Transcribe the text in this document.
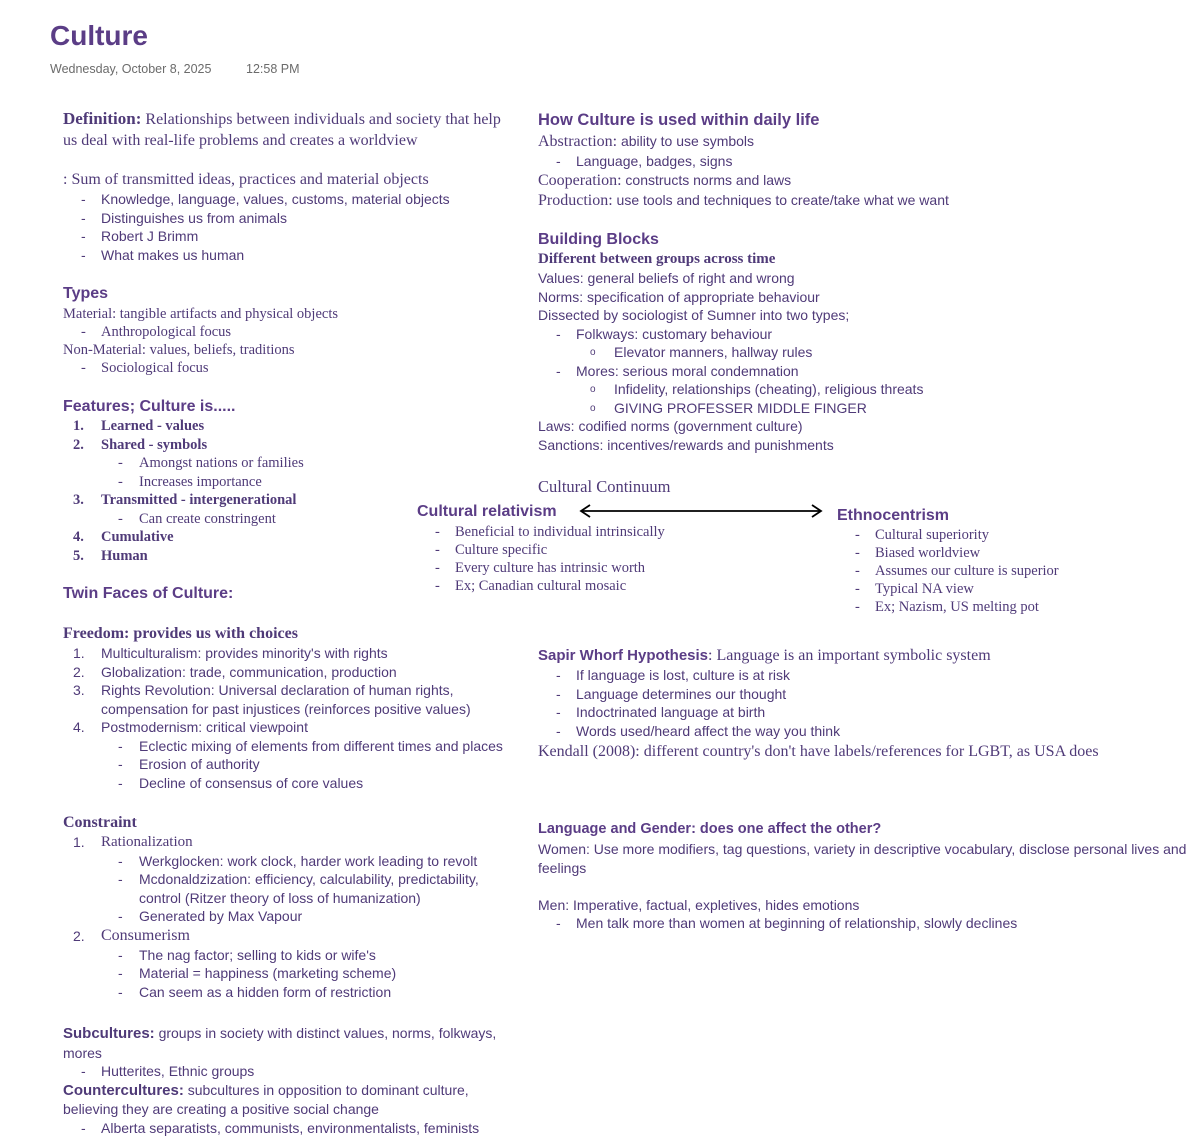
Culture
Wednesday, October 8, 2025	12:58 PM
Definition: Relationships between individuals and society that help us deal with real-life problems and creates a worldview
: Sum of transmitted ideas, practices and material objects
-	Knowledge, language, values, customs, material objects
-	Distinguishes us from animals
-	Robert J Brimm
-	What makes us human
Types
Material: tangible artifacts and physical objects
-	Anthropological focus
Non-Material: values, beliefs, traditions
-	Sociological focus
Features; Culture is.....
1. Learned - values
2. Shared - symbols
-	Amongst nations or families
-	Increases importance
3. Transmitted - intergenerational
-	Can create constringent
4. Cumulative
5. Human
Twin Faces of Culture:
Freedom: provides us with choices
1. Multiculturalism: provides minority's with rights
2. Globalization: trade, communication, production
3. Rights Revolution: Universal declaration of human rights, compensation for past injustices (reinforces positive values)
4. Postmodernism: critical viewpoint
-	Eclectic mixing of elements from different times and places
-	Erosion of authority
-	Decline of consensus of core values
Constraint
1. Rationalization
-	Werkglocken: work clock, harder work leading to revolt
-	Mcdonaldzization: efficiency, calculability, predictability, control (Ritzer theory of loss of humanization)
-	Generated by Max Vapour
2. Consumerism
-	The nag factor; selling to kids or wife's
-	Material = happiness (marketing scheme)
-	Can seem as a hidden form of restriction
Subcultures: groups in society with distinct values, norms, folkways, mores
-	Hutterites, Ethnic groups
Countercultures: subcultures in opposition to dominant culture, believing they are creating a positive social change
-	Alberta separatists, communists, environmentalists, feminists
How Culture is used within daily life
Abstraction: ability to use symbols
-	Language, badges, signs
Cooperation: constructs norms and laws
Production: use tools and techniques to create/take what we want
Building Blocks
Different between groups across time
Values: general beliefs of right and wrong
Norms: specification of appropriate behaviour
Dissected by sociologist of Sumner into two types;
-	Folkways: customary behaviour
o Elevator manners, hallway rules
-	Mores: serious moral condemnation
o Infidelity, relationships (cheating), religious threats
o GIVING PROFESSER MIDDLE FINGER
Laws: codified norms (government culture)
Sanctions: incentives/rewards and punishments
Cultural Continuum
Cultural relativism
-	Beneficial to individual intrinsically
-	Culture specific
-	Every culture has intrinsic worth
-	Ex; Canadian cultural mosaic
Ethnocentrism
-	Cultural superiority
-	Biased worldview
-	Assumes our culture is superior
-	Typical NA view
-	Ex; Nazism, US melting pot
Sapir Whorf Hypothesis: Language is an important symbolic system
-	If language is lost, culture is at risk
-	Language determines our thought
-	Indoctrinated language at birth
-	Words used/heard affect the way you think
Kendall (2008): different country's don't have labels/references for LGBT, as USA does
Language and Gender: does one affect the other?
Women: Use more modifiers, tag questions, variety in descriptive vocabulary, disclose personal lives and feelings
Men: Imperative, factual, expletives, hides emotions
-	Men talk more than women at beginning of relationship, slowly declines
